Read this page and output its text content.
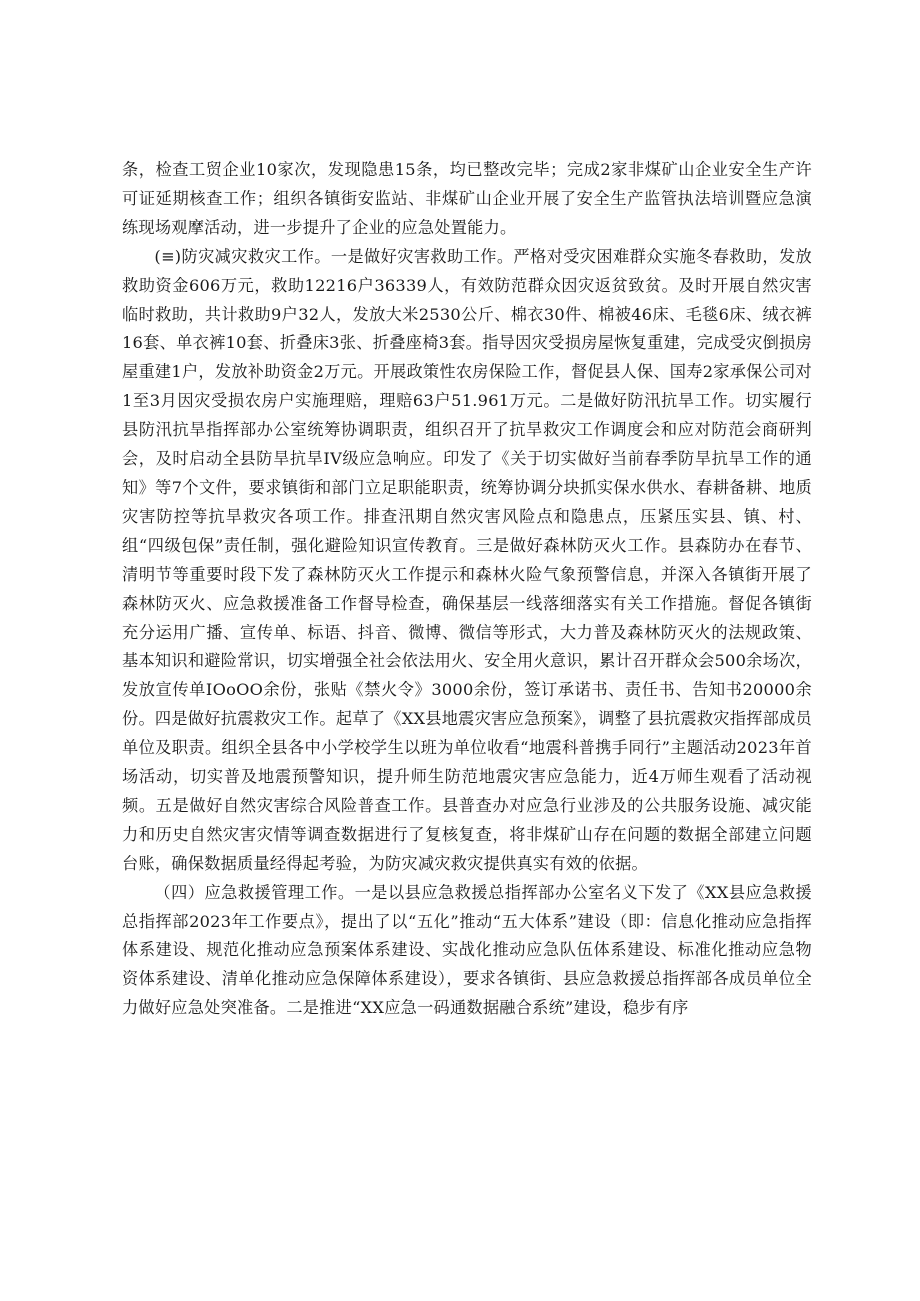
条，检查工贸企业10家次，发现隐患15条，均已整改完毕；完成2家非煤矿山企业安全生产许可证延期核查工作；组织各镇街安监站、非煤矿山企业开展了安全生产监管执法培训暨应急演练现场观摩活动，进一步提升了企业的应急处置能力。

(≡)防灾减灾救灾工作。一是做好灾害救助工作。严格对受灾困难群众实施冬春救助，发放救助资金606万元，救助12216户36339人，有效防范群众因灾返贫致贫。及时开展自然灾害临时救助，共计救助9户32人，发放大米2530公斤、棉衣30件、棉被46床、毛毯6床、绒衣裤16套、单衣裤10套、折叠床3张、折叠座椅3套。指导因灾受损房屋恢复重建，完成受灾倒损房屋重建1户，发放补助资金2万元。开展政策性农房保险工作，督促县人保、国寿2家承保公司对1至3月因灾受损农房户实施理赔，理赔63户51.961万元。二是做好防汛抗旱工作。切实履行县防汛抗旱指挥部办公室统筹协调职责，组织召开了抗旱救灾工作调度会和应对防范会商研判会，及时启动全县防旱抗旱IV级应急响应。印发了《关于切实做好当前春季防旱抗旱工作的通知》等7个文件，要求镇街和部门立足职能职责，统筹协调分块抓实保水供水、春耕备耕、地质灾害防控等抗旱救灾各项工作。排查汛期自然灾害风险点和隐患点，压紧压实县、镇、村、组“四级包保”责任制，强化避险知识宣传教育。三是做好森林防灭火工作。县森防办在春节、清明节等重要时段下发了森林防灭火工作提示和森林火险气象预警信息，并深入各镇街开展了森林防灭火、应急救援准备工作督导检查，确保基层一线落细落实有关工作措施。督促各镇街充分运用广播、宣传单、标语、抖音、微博、微信等形式，大力普及森林防灭火的法规政策、基本知识和避险常识，切实增强全社会依法用火、安全用火意识，累计召开群众会500余场次，发放宣传单IOoOO余份，张贴《禁火令》3000余份，签订承诺书、责任书、告知书20000余份。四是做好抗震救灾工作。起草了《XX县地震灾害应急预案》，调整了县抗震救灾指挥部成员单位及职责。组织全县各中小学校学生以班为单位收看“地震科普携手同行”主题活动2023年首场活动，切实普及地震预警知识，提升师生防范地震灾害应急能力，近4万师生观看了活动视频。五是做好自然灾害综合风险普查工作。县普查办对应急行业涉及的公共服务设施、减灾能力和历史自然灾害灾情等调查数据进行了复核复查，将非煤矿山存在问题的数据全部建立问题台账，确保数据质量经得起考验，为防灾减灾救灾提供真实有效的依据。

（四）应急救援管理工作。一是以县应急救援总指挥部办公室名义下发了《XX县应急救援总指挥部2023年工作要点》，提出了以“五化”推动“五大体系”建设（即：信息化推动应急指挥体系建设、规范化推动应急预案体系建设、实战化推动应急队伍体系建设、标准化推动应急物资体系建设、清单化推动应急保障体系建设），要求各镇街、县应急救援总指挥部各成员单位全力做好应急处突准备。二是推进“XX应急一码通数据融合系统”建设，稳步有序
